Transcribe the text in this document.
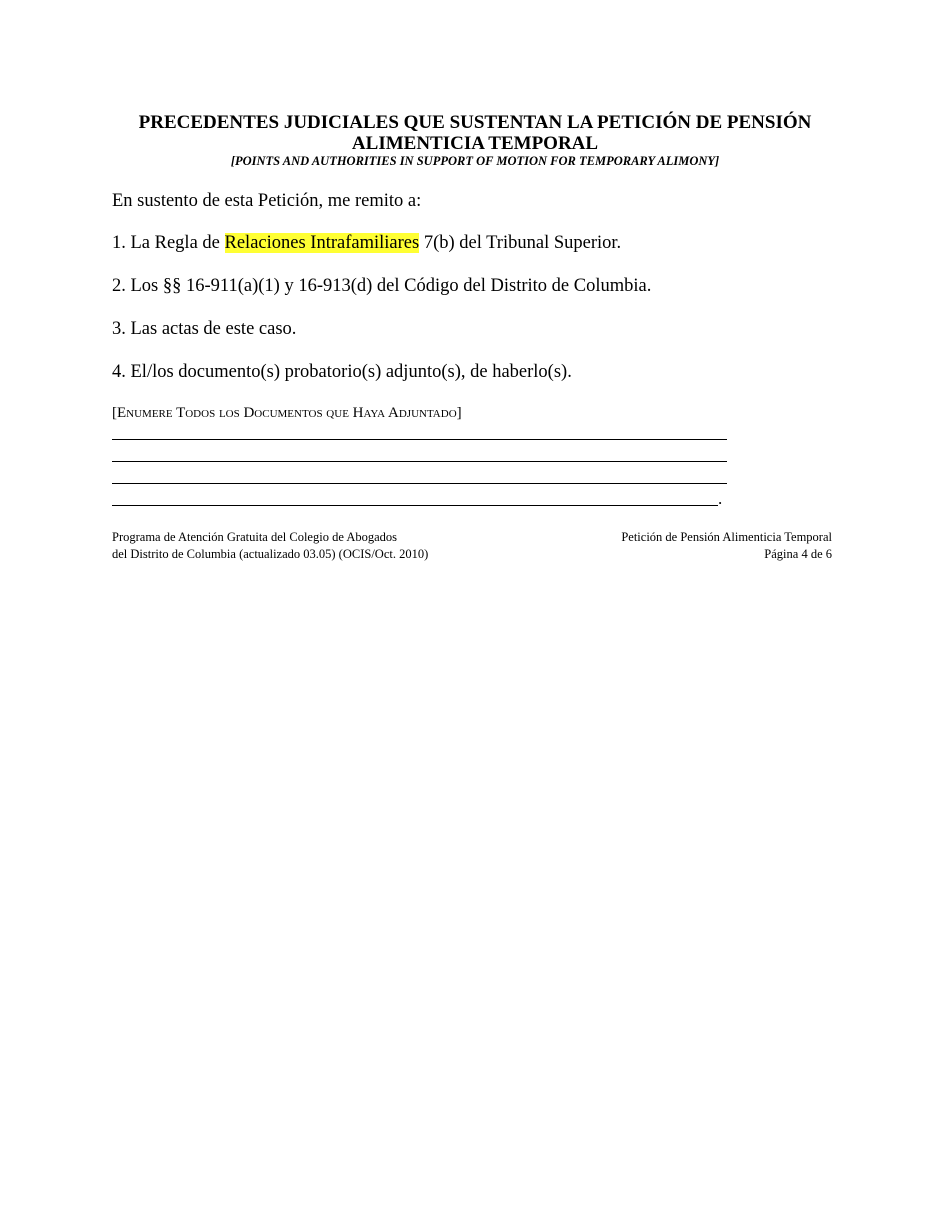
PRECEDENTES JUDICIALES QUE SUSTENTAN LA PETICIÓN DE PENSIÓN
ALIMENTICIA TEMPORAL
[POINTS AND AUTHORITIES IN SUPPORT OF MOTION FOR TEMPORARY ALIMONY]
En sustento de esta Petición, me remito a:
1. La Regla de Relaciones Intrafamiliares 7(b) del Tribunal Superior.
2. Los §§ 16-911(a)(1) y 16-913(d) del Código del Distrito de Columbia.
3. Las actas de este caso.
4. El/los documento(s) probatorio(s) adjunto(s), de haberlo(s).
[Enumere Todos los Documentos que Haya Adjuntado]
.
Programa de Atención Gratuita del Colegio de Abogados
del Distrito de Columbia (actualizado 03.05) (OCIS/Oct. 2010)
Petición de Pensión Alimenticia Temporal
Página 4 de 6
